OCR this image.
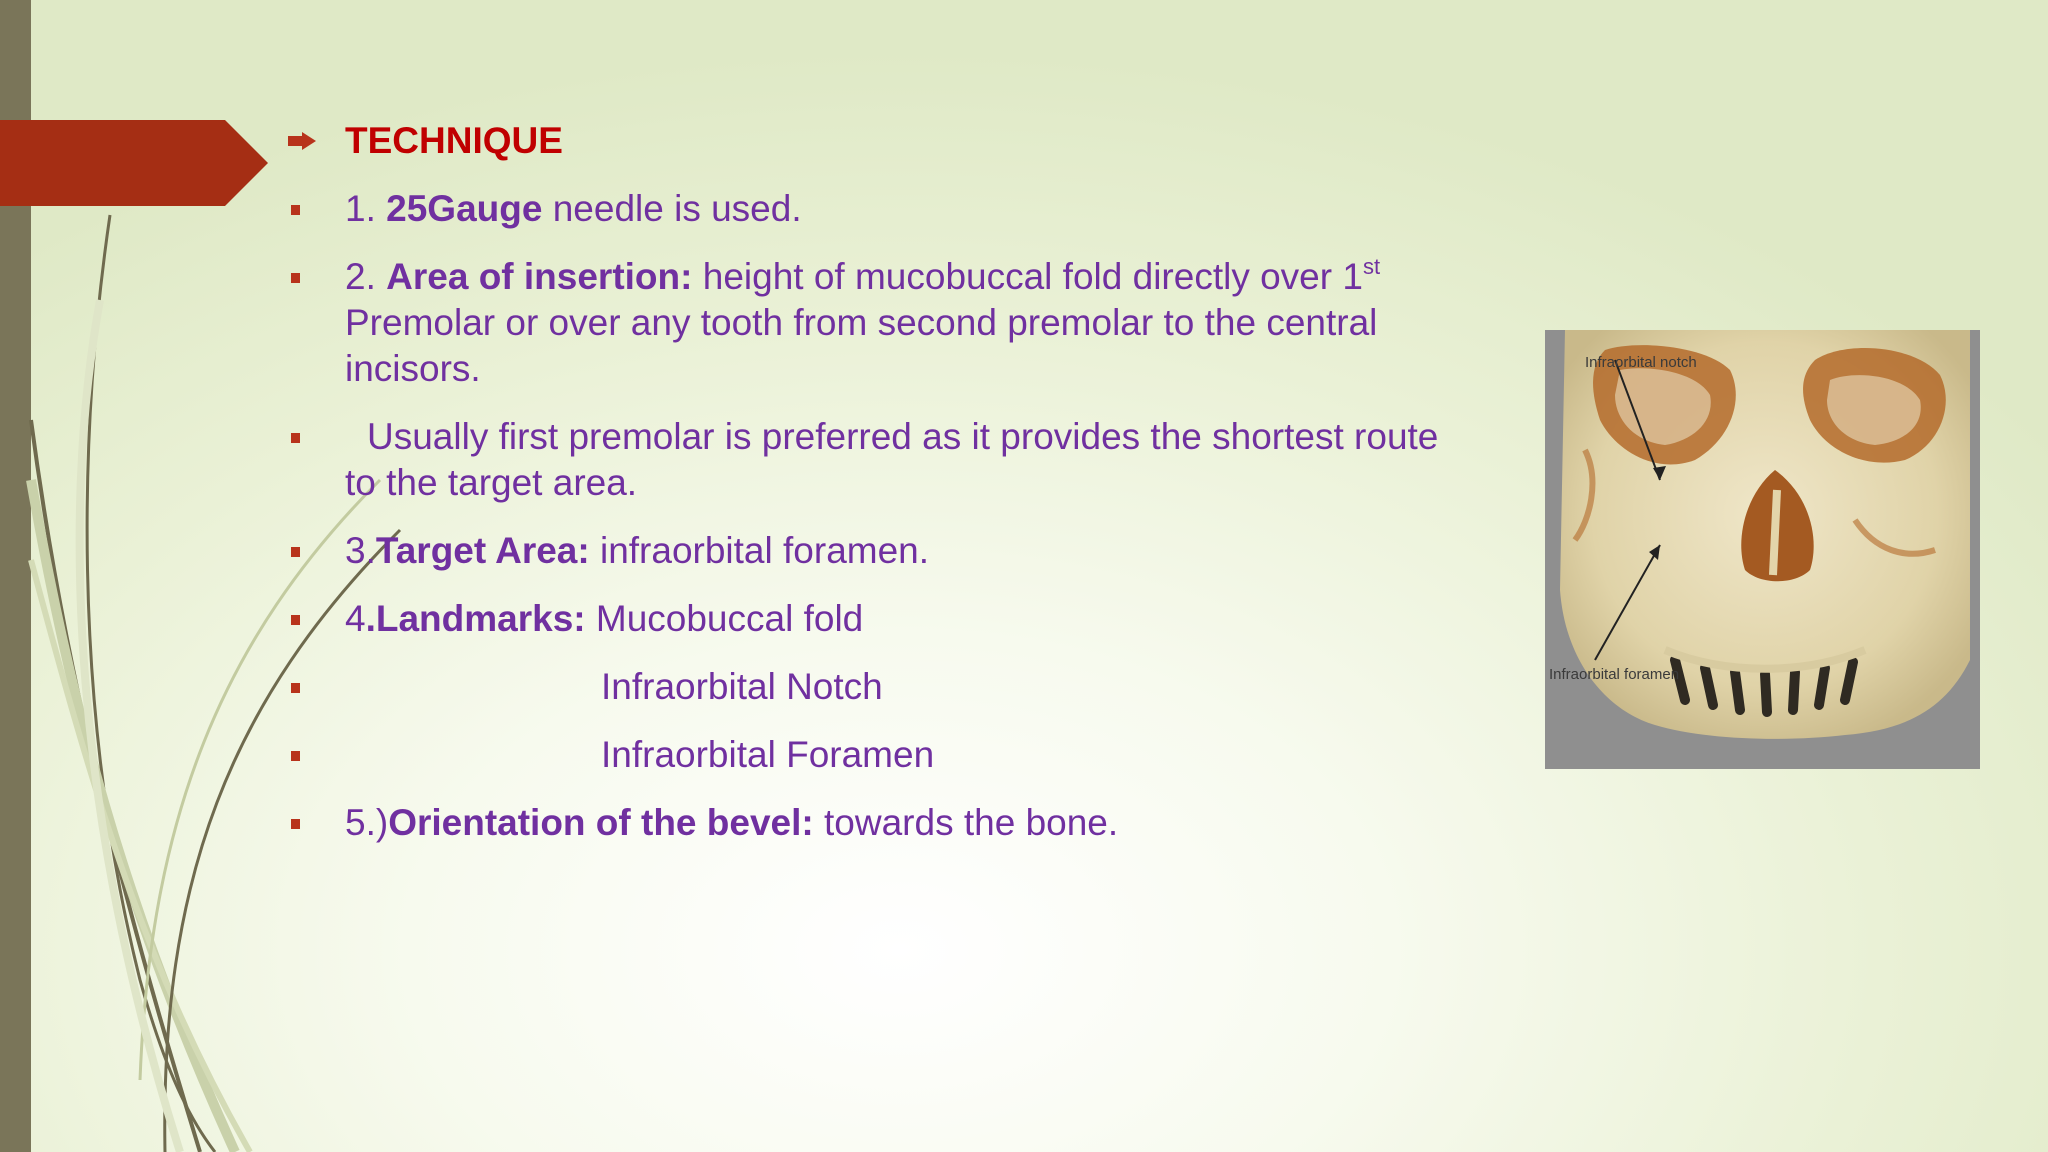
TECHNIQUE
1. 25Gauge needle is used.
2. Area of insertion: height of mucobuccal fold directly over 1st Premolar or over any tooth from second premolar to the central incisors.
Usually first premolar is preferred as it provides the shortest route to the target area.
3.Target Area: infraorbital foramen.
4.Landmarks: Mucobuccal fold
Infraorbital Notch
Infraorbital Foramen
5.)Orientation of the bevel: towards the bone.
Infraorbital notch
Infraorbital foramen
